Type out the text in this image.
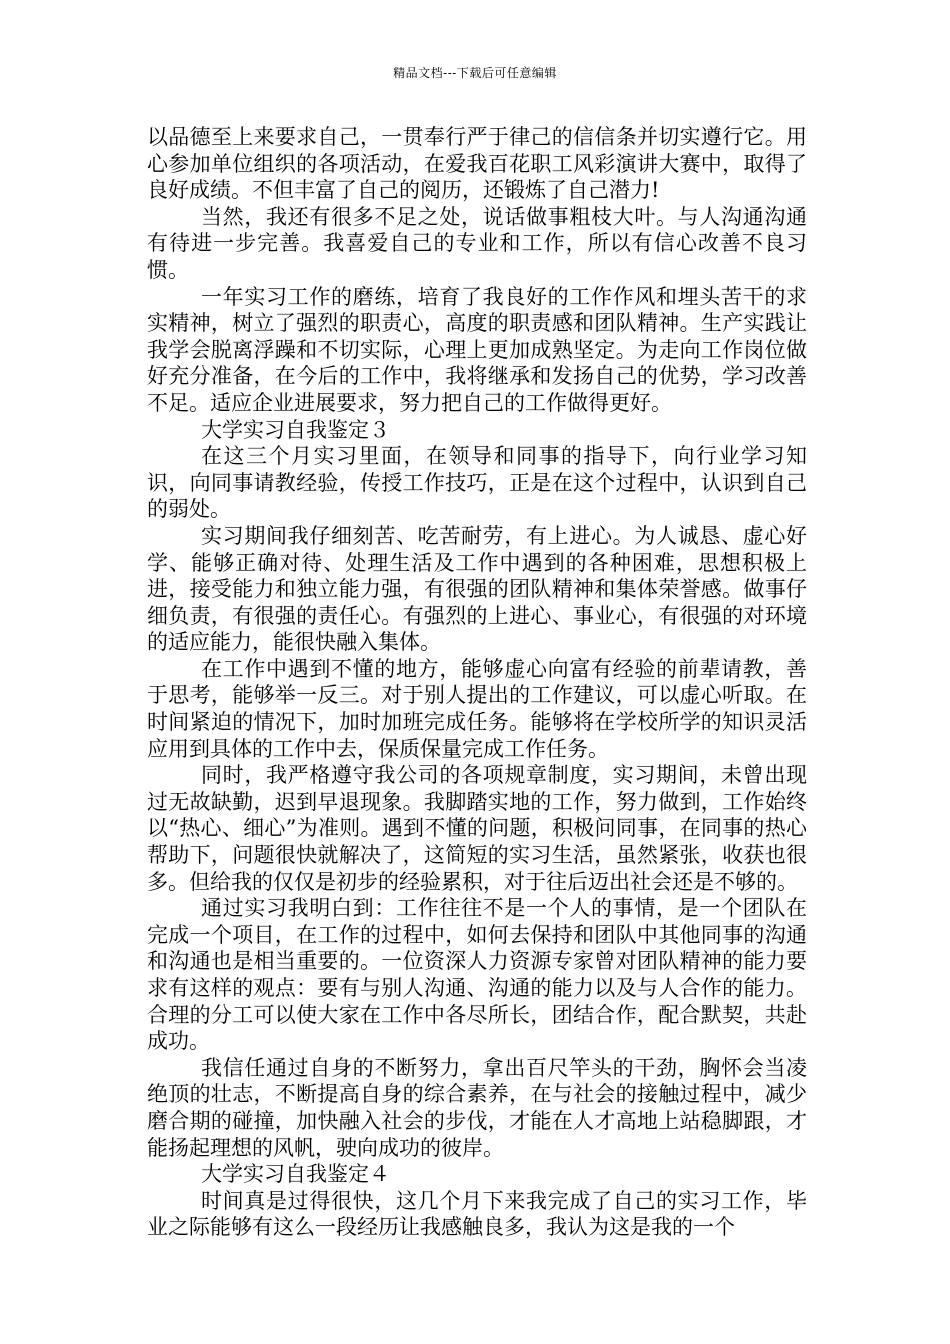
精品文档---下载后可任意编辑

以品德至上来要求自己，一贯奉行严于律己的信信条并切实遵行它。用心参加单位组织的各项活动，在爱我百花职工风彩演讲大赛中，取得了良好成绩。不但丰富了自己的阅历，还锻炼了自己潜力!

当然，我还有很多不足之处，说话做事粗枝大叶。与人沟通沟通有待进一步完善。我喜爱自己的专业和工作，所以有信心改善不良习惯。

一年实习工作的磨练，培育了我良好的工作作风和埋头苦干的求实精神，树立了强烈的职责心，高度的职责感和团队精神。生产实践让我学会脱离浮躁和不切实际，心理上更加成熟坚定。为走向工作岗位做好充分准备，在今后的工作中，我将继承和发扬自己的优势，学习改善不足。适应企业进展要求，努力把自己的工作做得更好。

大学实习自我鉴定３

在这三个月实习里面，在领导和同事的指导下，向行业学习知识，向同事请教经验，传授工作技巧，正是在这个过程中，认识到自己的弱处。

实习期间我仔细刻苦、吃苦耐劳，有上进心。为人诚恳、虚心好学、能够正确对待、处理生活及工作中遇到的各种困难，思想积极上进，接受能力和独立能力强，有很强的团队精神和集体荣誉感。做事仔细负责，有很强的责任心。有强烈的上进心、事业心，有很强的对环境的适应能力，能很快融入集体。

在工作中遇到不懂的地方，能够虚心向富有经验的前辈请教，善于思考，能够举一反三。对于别人提出的工作建议，可以虚心听取。在时间紧迫的情况下，加时加班完成任务。能够将在学校所学的知识灵活应用到具体的工作中去，保质保量完成工作任务。

同时，我严格遵守我公司的各项规章制度，实习期间，未曾出现过无故缺勤，迟到早退现象。我脚踏实地的工作，努力做到，工作始终以“热心、细心”为准则。遇到不懂的问题，积极问同事，在同事的热心帮助下，问题很快就解决了，这简短的实习生活，虽然紧张，收获也很多。但给我的仅仅是初步的经验累积，对于往后迈出社会还是不够的。

通过实习我明白到：工作往往不是一个人的事情，是一个团队在完成一个项目，在工作的过程中，如何去保持和团队中其他同事的沟通和沟通也是相当重要的。一位资深人力资源专家曾对团队精神的能力要求有这样的观点：要有与别人沟通、沟通的能力以及与人合作的能力。合理的分工可以使大家在工作中各尽所长，团结合作，配合默契，共赴成功。

我信任通过自身的不断努力，拿出百尺竿头的干劲，胸怀会当凌绝顶的壮志，不断提高自身的综合素养，在与社会的接触过程中，减少磨合期的碰撞，加快融入社会的步伐，才能在人才高地上站稳脚跟，才能扬起理想的风帆，驶向成功的彼岸。

大学实习自我鉴定４

时间真是过得很快，这几个月下来我完成了自己的实习工作，毕业之际能够有这么一段经历让我感触良多，我认为这是我的一个
